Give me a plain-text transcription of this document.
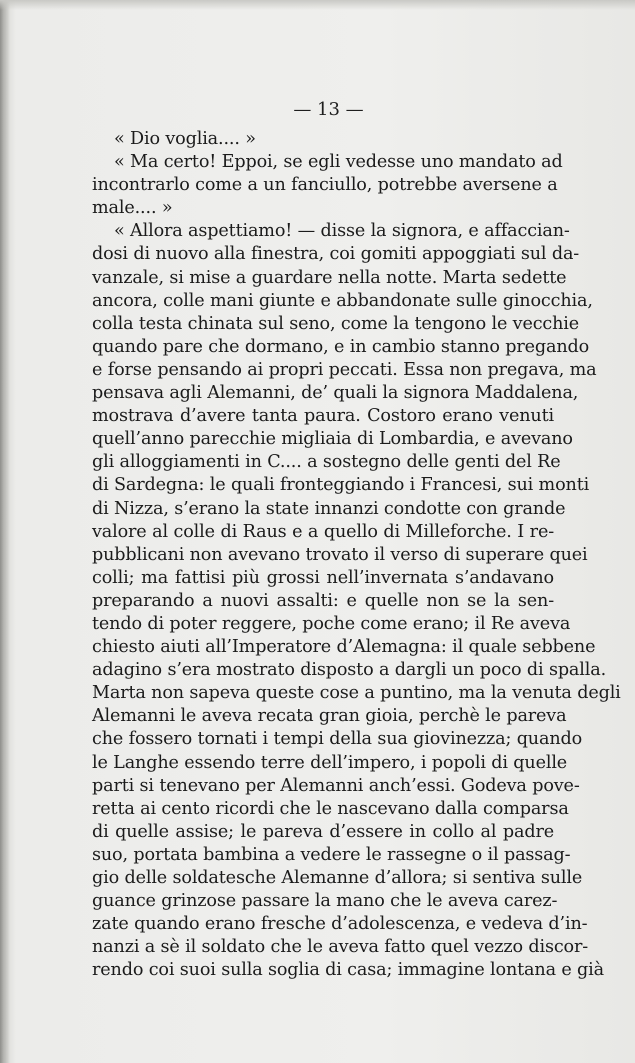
— 13 —
« Dio voglia.... »
« Ma certo! Eppoi, se egli vedesse uno mandato ad
incontrarlo come a un fanciullo, potrebbe aversene a
male.... »
« Allora aspettiamo! — disse la signora, e affaccian-
dosi di nuovo alla finestra, coi gomiti appoggiati sul da-
vanzale, si mise a guardare nella notte. Marta sedette
ancora, colle mani giunte e abbandonate sulle ginocchia,
colla testa chinata sul seno, come la tengono le vecchie
quando pare che dormano, e in cambio stanno pregando
e forse pensando ai propri peccati. Essa non pregava, ma
pensava agli Alemanni, de’ quali la signora Maddalena,
mostrava d’avere tanta paura. Costoro erano venuti
quell’anno parecchie migliaia di Lombardia, e avevano
gli alloggiamenti in C.... a sostegno delle genti del Re
di Sardegna: le quali fronteggiando i Francesi, sui monti
di Nizza, s’erano la state innanzi condotte con grande
valore al colle di Raus e a quello di Milleforche. I re-
pubblicani non avevano trovato il verso di superare quei
colli; ma fattisi più grossi nell’invernata s’andavano
preparando a nuovi assalti: e quelle non se la sen-
tendo di poter reggere, poche come erano; il Re aveva
chiesto aiuti all’Imperatore d’Alemagna: il quale sebbene
adagino s’era mostrato disposto a dargli un poco di spalla.
Marta non sapeva queste cose a puntino, ma la venuta degli
Alemanni le aveva recata gran gioia, perchè le pareva
che fossero tornati i tempi della sua giovinezza; quando
le Langhe essendo terre dell’impero, i popoli di quelle
parti si tenevano per Alemanni anch’essi. Godeva pove-
retta ai cento ricordi che le nascevano dalla comparsa
di quelle assise; le pareva d’essere in collo al padre
suo, portata bambina a vedere le rassegne o il passag-
gio delle soldatesche Alemanne d’allora; si sentiva sulle
guance grinzose passare la mano che le aveva carez-
zate quando erano fresche d’adolescenza, e vedeva d’in-
nanzi a sè il soldato che le aveva fatto quel vezzo discor-
rendo coi suoi sulla soglia di casa; immagine lontana e già
